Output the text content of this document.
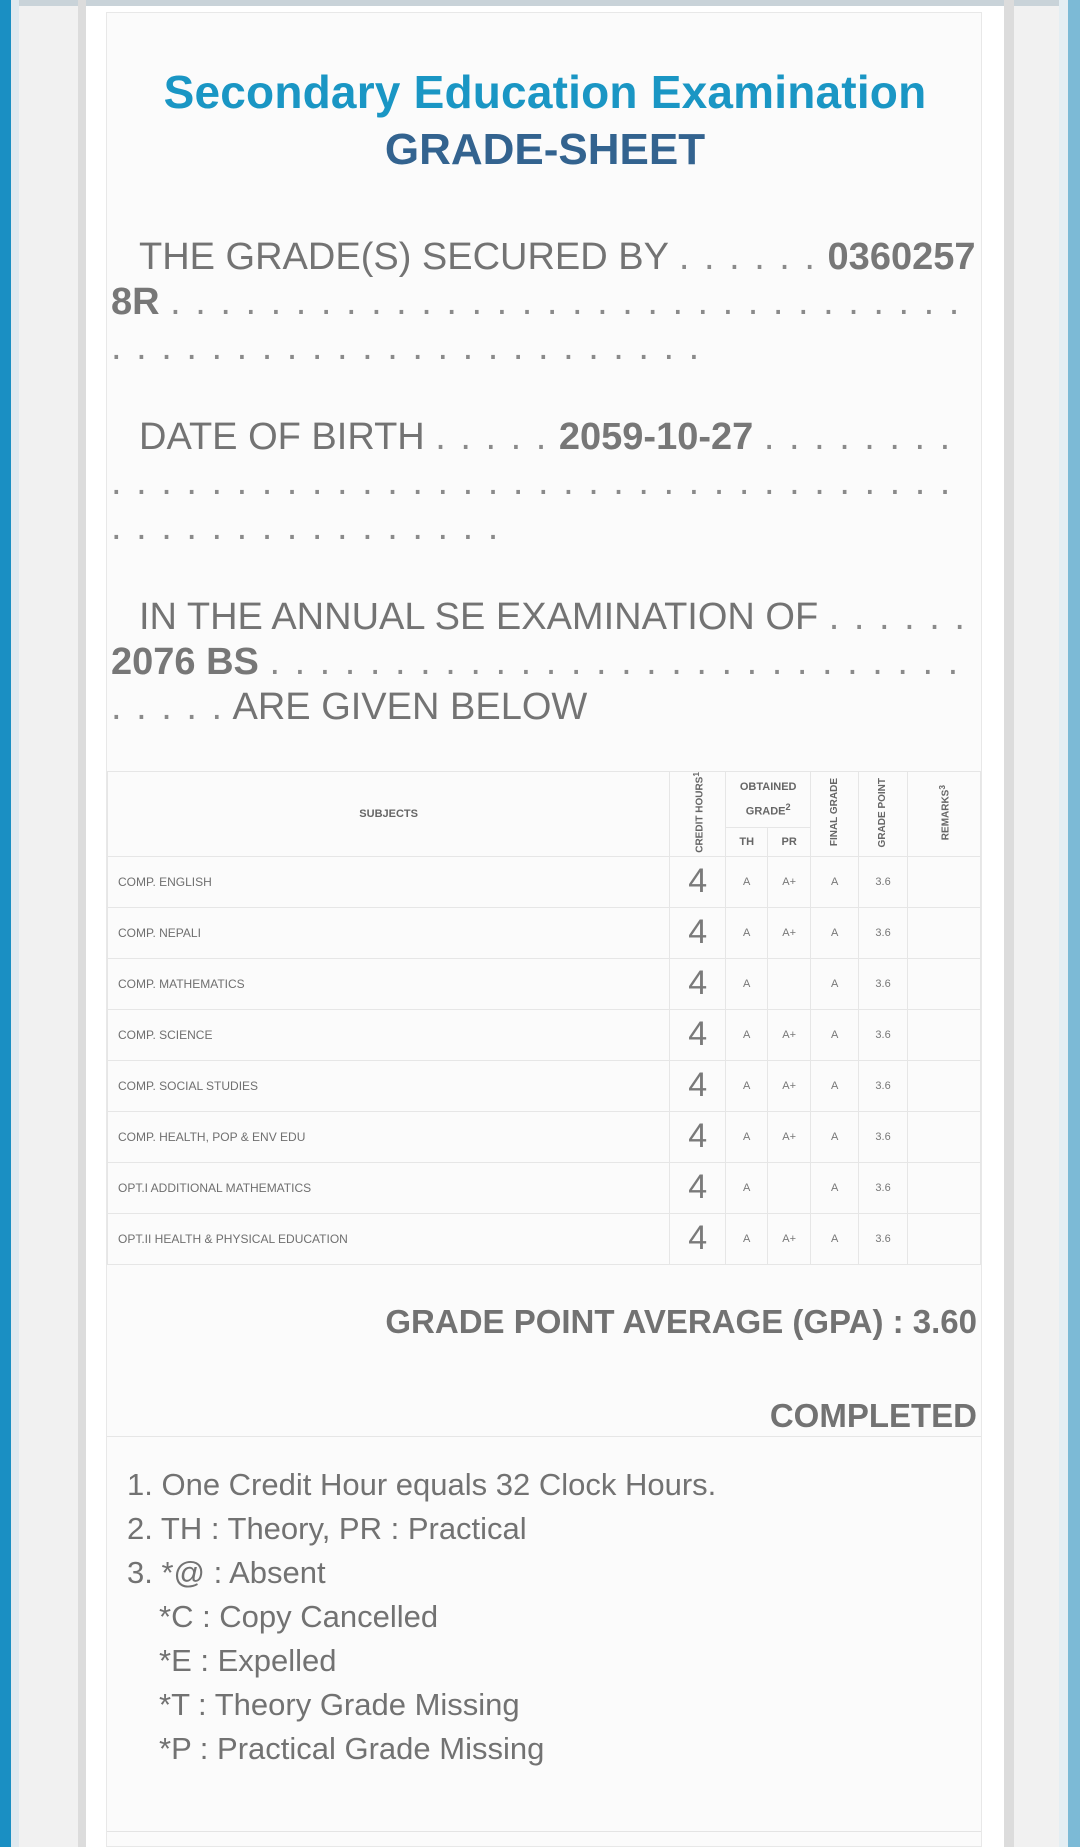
Secondary Education Examination
GRADE-SHEET
THE GRADE(S) SECURED BY . . . . . . 03602578R . . . . . . . . . . . . . . . . . . . . . . . . . . . . . . . . . . . . . . . . . . . . . . . . . . . . . . . .
DATE OF BIRTH . . . . . 2059-10-27 . . . . . . . . . . . . . . . . . . . . . . . . . . . . . . . . . . . . . . . . . . . . . . . . . . . . . . . . . .
IN THE ANNUAL SE EXAMINATION OF . . . . . . 2076 BS . . . . . . . . . . . . . . . . . . . . . . . . . . . . . . . . . ARE GIVEN BELOW
SUBJECTS	CREDIT HOURS$^1$	OBTAINED GRADE$^2$		FINAL GRADE	GRADE POINT	REMARKS$^3$
		TH	PR			
COMP. ENGLISH	4	A	A+	A	3.6	
COMP. NEPALI	4	A	A+	A	3.6	
COMP. MATHEMATICS	4	A		A	3.6	
COMP. SCIENCE	4	A	A+	A	3.6	
COMP. SOCIAL STUDIES	4	A	A+	A	3.6	
COMP. HEALTH, POP & ENV EDU	4	A	A+	A	3.6	
OPT.I ADDITIONAL MATHEMATICS	4	A		A	3.6	
OPT.II HEALTH & PHYSICAL EDUCATION	4	A	A+	A	3.6	
GRADE POINT AVERAGE (GPA) : 3.60
COMPLETED
1. One Credit Hour equals 32 Clock Hours.
2. TH : Theory, PR : Practical
3. *@ : Absent
*C : Copy Cancelled
*E : Expelled
*T : Theory Grade Missing
*P : Practical Grade Missing
